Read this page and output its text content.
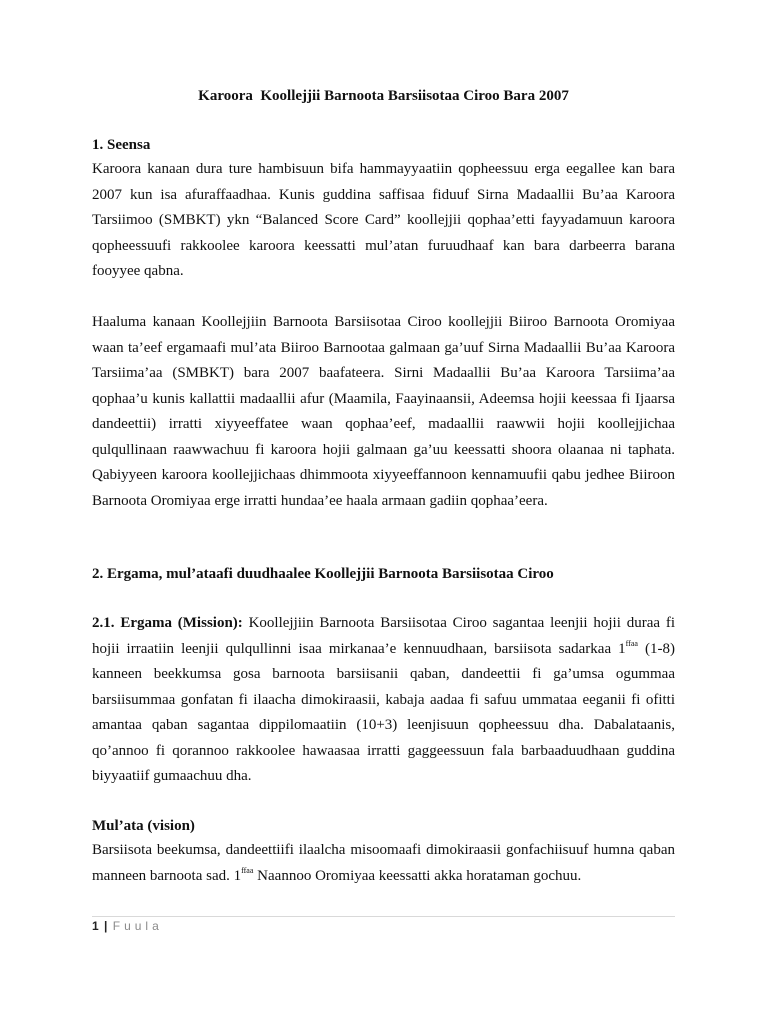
Karoora  Koollejjii Barnoota Barsiisotaa Ciroo Bara 2007
1. Seensa
Karoora kanaan dura ture hambisuun bifa hammayyaatiin qopheessuu erga eegallee kan bara 2007 kun isa afuraffaadhaa. Kunis guddina saffisaa fiduuf Sirna Madaallii Bu’aa Karoora Tarsiimoo (SMBKT) ykn “Balanced Score Card” koollejjii qophaa’etti fayyadamuun karoora qopheessuufi rakkoolee karoora keessatti mul’atan furuudhaaf kan bara darbeerra barana fooyyee qabna.
Haaluma kanaan Koollejjiin Barnoota Barsiisotaa Ciroo koollejjii Biiroo Barnoota Oromiyaa waan ta’eef ergamaafi mul’ata Biiroo Barnootaa galmaan ga’uuf Sirna Madaallii Bu’aa Karoora Tarsiima’aa (SMBKT) bara 2007 baafateera. Sirni Madaallii Bu’aa Karoora Tarsiima’aa qophaa’u kunis kallattii madaallii afur (Maamila, Faayinaansii, Adeemsa hojii keessaa fi Ijaarsa dandeettii) irratti xiyyeeffatee waan qophaa’eef, madaallii raawwii hojii koollejjichaa qulqullinaan raawwachuu fi karoora hojii galmaan ga’uu keessatti shoora olaanaa ni taphata. Qabiyyeen karoora koollejjichaas dhimmoota xiyyeeffannoon kennamuufii qabu jedhee Biiroon Barnoota Oromiyaa erge irratti hundaa’ee haala armaan gadiin qophaa’eera.
2. Ergama, mul’ataafi duudhaalee Koollejjii Barnoota Barsiisotaa Ciroo
2.1. Ergama (Mission): Koollejjiin Barnoota Barsiisotaa Ciroo sagantaa leenjii hojii duraa fi hojii irraatiin leenjii qulqullinni isaa mirkanaa’e kennuudhaan, barsiisota sadarkaa $1^{ffaa}$ (1-8) kanneen beekkumsa gosa barnoota barsiisanii qaban, dandeettii fi ga’umsa ogummaa barsiisummaa gonfatan fi ilaacha dimokiraasii, kabaja aadaa fi safuu ummataa eeganii fi ofitti amantaa qaban sagantaa dippilomaatiin (10+3) leenjisuun qopheessuu dha. Dabalataanis, qo’annoo fi qorannoo rakkoolee hawaasaa irratti gaggeessuun fala barbaaduudhaan guddina biyyaatiif gumaachuu dha.
Mul’ata (vision)
Barsiisota beekumsa, dandeettiifi ilaalcha misoomaafi dimokiraasii gonfachiisuuf humna qaban manneen barnoota sad. $1^{ffaa}$ Naannoo Oromiyaa keessatti akka horataman gochuu.
1 | Fuula
